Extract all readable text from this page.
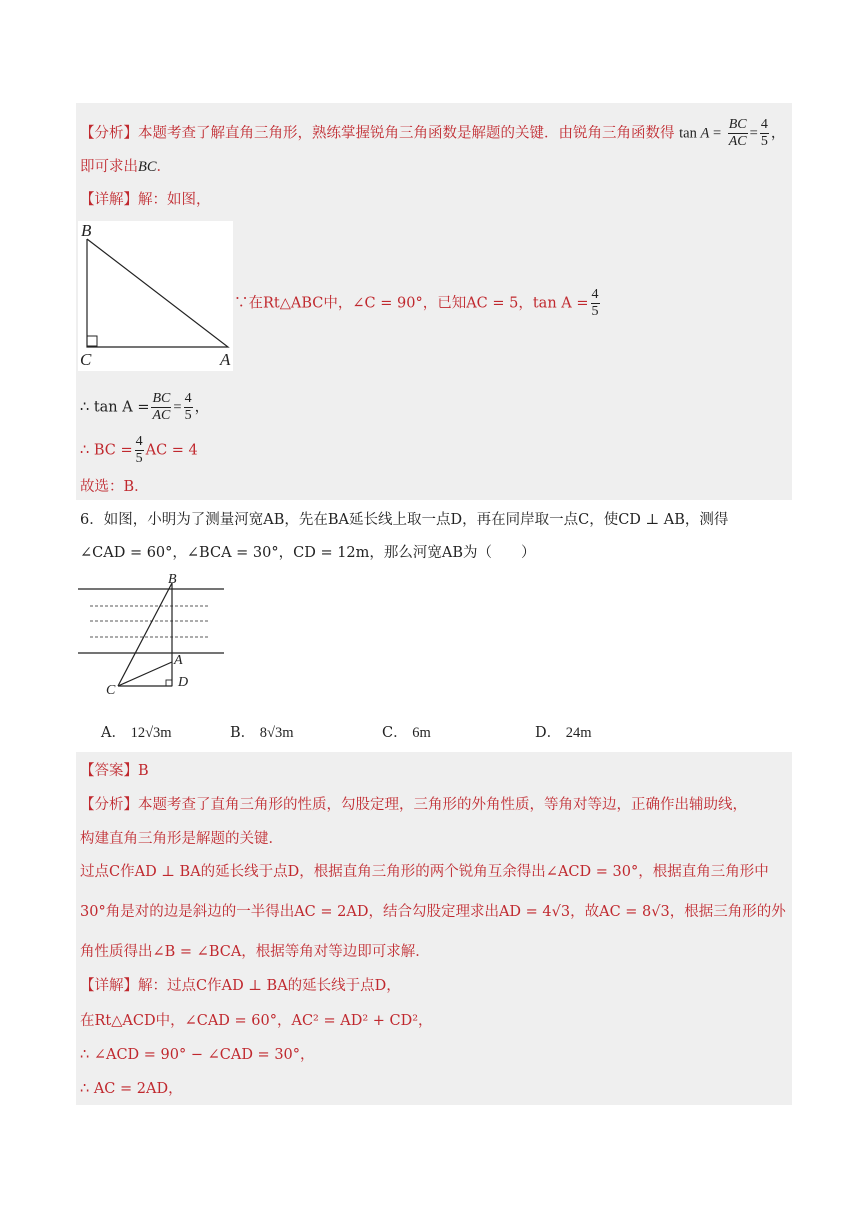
【分析】本题考查了解直角三角形，熟练掌握锐角三角函数是解题的关键．由锐角三角函数得 $\tan A = \frac{BC}{AC} = \frac{4}{5}$ ，
即可求出BC．
【详解】解：如图，
B
C	A
∵在Rt△ABC中，∠C = 90°，已知AC = 5，$\tan A = \frac{4}{5}$
∴ $\tan A = \frac{BC}{AC} = \frac{4}{5}$ ，
∴ BC = $\frac{4}{5}$ AC = 4
故选：B．
6．如图，小明为了测量河宽AB，先在BA延长线上取一点D，再在同岸取一点C，使CD ⊥ AB，测得
∠CAD = 60°，∠BCA = 30°，CD = 12m，那么河宽AB为（　　）
B
A
C
D
A． 12√3m	B． 8√3m	C． 6m	D． 24m
【答案】B
【分析】本题考查了直角三角形的性质，勾股定理，三角形的外角性质，等角对等边，正确作出辅助线，
构建直角三角形是解题的关键．
过点C作AD ⊥ BA的延长线于点D，根据直角三角形的两个锐角互余得出∠ACD = 30°，根据直角三角形中
30°角是对的边是斜边的一半得出AC = 2AD，结合勾股定理求出AD = 4√3，故AC = 8√3，根据三角形的外
角性质得出∠B = ∠BCA，根据等角对等边即可求解．
【详解】解：过点C作AD ⊥ BA的延长线于点D，
在Rt△ACD中，∠CAD = 60°，AC² = AD² + CD²，
∴ ∠ACD = 90° − ∠CAD = 30°，
∴ AC = 2AD，
